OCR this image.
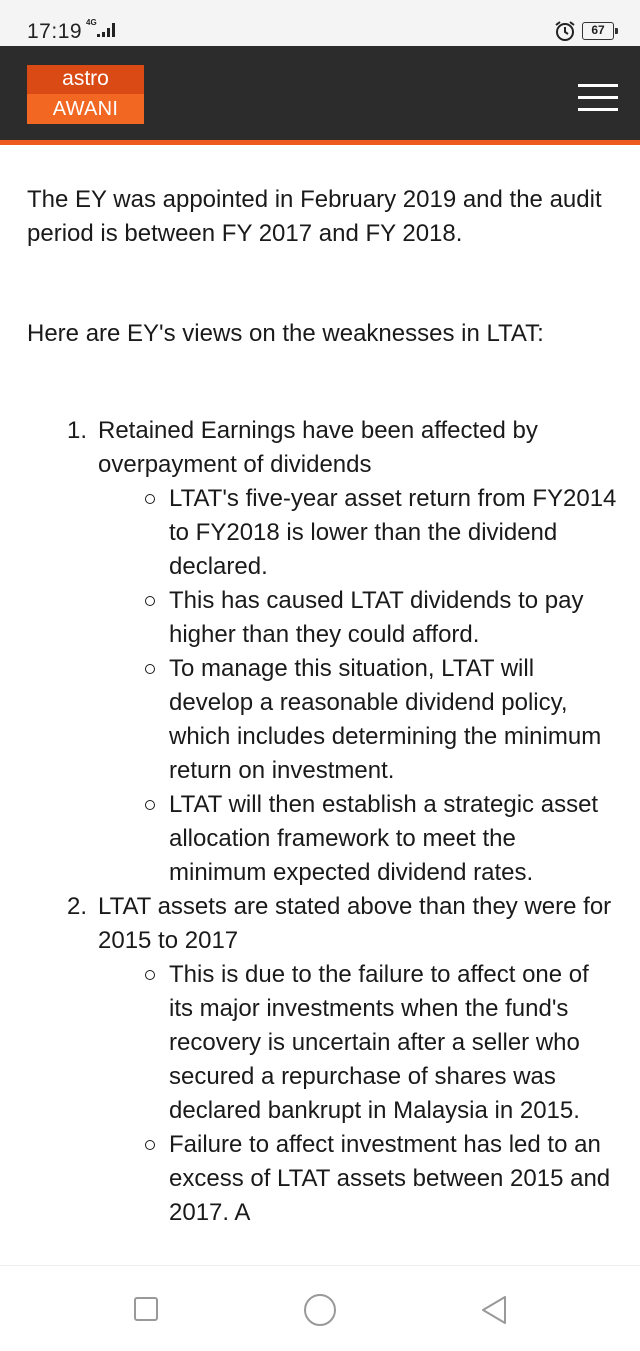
17:19 4G
67
astro
AWANI

The EY was appointed in February 2019 and the audit period is between FY 2017 and FY 2018.

Here are EY's views on the weaknesses in LTAT:

1. Retained Earnings have been affected by overpayment of dividends
LTAT's five-year asset return from FY2014 to FY2018 is lower than the dividend declared.
This has caused LTAT dividends to pay higher than they could afford.
To manage this situation, LTAT will develop a reasonable dividend policy, which includes determining the minimum return on investment.
LTAT will then establish a strategic asset allocation framework to meet the minimum expected dividend rates.
2. LTAT assets are stated above than they were for 2015 to 2017
This is due to the failure to affect one of its major investments when the fund's recovery is uncertain after a seller who secured a repurchase of shares was declared bankrupt in Malaysia in 2015.
Failure to affect investment has led to an excess of LTAT assets between 2015 and 2017. A
